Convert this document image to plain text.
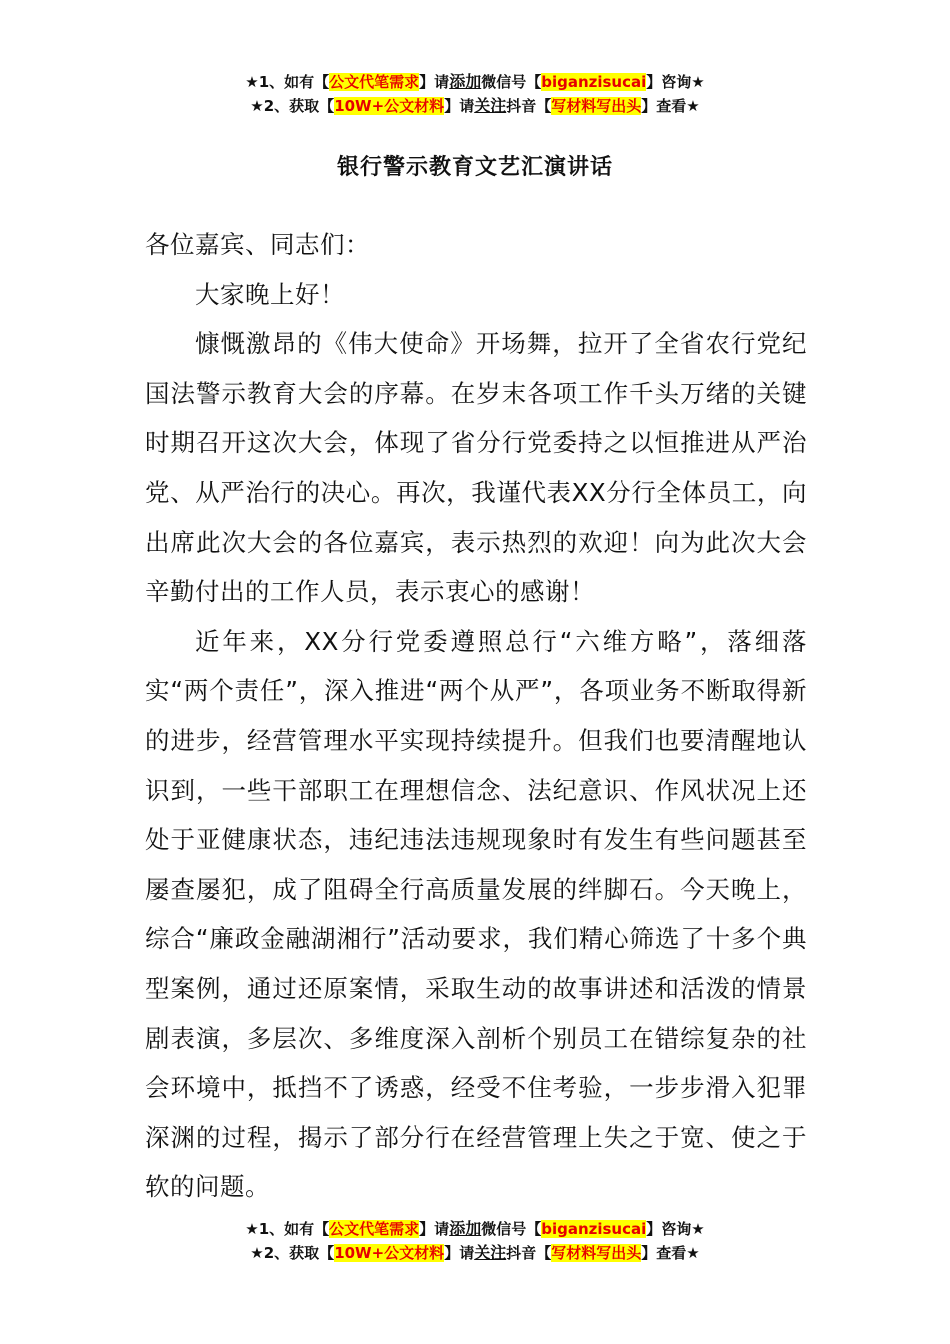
★1、如有【公文代笔需求】请添加微信号【biganzisucai】咨询★
★2、获取【10W+公文材料】请关注抖音【写材料写出头】查看★
银行警示教育文艺汇演讲话

各位嘉宾、同志们：

大家晚上好！

慷慨激昂的《伟大使命》开场舞，拉开了全省农行党纪国法警示教育大会的序幕。在岁末各项工作千头万绪的关键时期召开这次大会，体现了省分行党委持之以恒推进从严治党、从严治行的决心。再次，我谨代表XX分行全体员工，向出席此次大会的各位嘉宾，表示热烈的欢迎！向为此次大会辛勤付出的工作人员，表示衷心的感谢！

近年来，XX分行党委遵照总行“六维方略”，落细落实“两个责任”，深入推进“两个从严”，各项业务不断取得新的进步，经营管理水平实现持续提升。但我们也要清醒地认识到，一些干部职工在理想信念、法纪意识、作风状况上还处于亚健康状态，违纪违法违规现象时有发生有些问题甚至屡查屡犯，成了阻碍全行高质量发展的绊脚石。今天晚上，综合“廉政金融湖湘行”活动要求，我们精心筛选了十多个典型案例，通过还原案情，采取生动的故事讲述和活泼的情景剧表演，多层次、多维度深入剖析个别员工在错综复杂的社会环境中，抵挡不了诱惑，经受不住考验，一步步滑入犯罪深渊的过程，揭示了部分行在经营管理上失之于宽、使之于软的问题。

★1、如有【公文代笔需求】请添加微信号【biganzisucai】咨询★
★2、获取【10W+公文材料】请关注抖音【写材料写出头】查看★
